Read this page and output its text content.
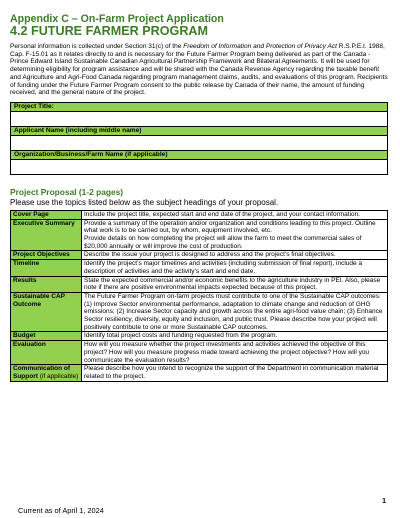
Appendix C – On-Farm Project Application
4.2 FUTURE FARMER PROGRAM
Personal information is collected under Section 31(c) of the Freedom of Information and Protection of Privacy Act R.S.P.E.I. 1988, Cap. F-15.01 as it relates directly to and is necessary for the Future Farmer Program being delivered as part of the Canada - Prince Edward Island Sustainable Canadian Agricultural Partnership Framework and Bilateral Agreements. It will be used for determining eligibility for program assistance and will be shared with the Canada Revenue Agency regarding the taxable benefit and Agriculture and Agri-Food Canada regarding program management claims, audits, and evaluations of this program. Recipients of funding under the Future Farmer Program consent to the public release by Canada of their name, the amount of funding received, and the general nature of the project.
Project Title:

Applicant Name (including middle name)

Organization/Business/Farm Name (if applicable)

Project Proposal (1-2 pages)
Please use the topics listed below as the subject headings of your proposal.
Cover Page	Include the project title, expected start and end date of the project, and your contact information.
Executive Summary	Provide a summary of the operation and/or organization and conditions leading to this project. Outline what work is to be carried out, by whom, equipment involved, etc.
Provide details on how completing the project will allow the farm to meet the commercial sales of $20,000 annually or will improve the cost of production.
Project Objectives	Describe the issue your project is designed to address and the project’s final objectives.
Timeline	Identify the project’s major timelines and activities (including submission of final report), include a description of activities and the activity’s start and end date.
Results	State the expected commercial and/or economic benefits to the agriculture industry in PEI. Also, please note if there are positive environmental impacts expected because of this project.
Sustainable CAP Outcome	The Future Farmer Program on-farm projects must contribute to one of the Sustainable CAP outcomes: (1) Improve Sector environmental performance, adaptation to climate change and reduction of GHG emissions; (2) Increase Sector capacity and growth across the entire agri-food value chain; (3) Enhance Sector resiliency, diversity, equity and inclusion, and public trust. Please describe how your project will positively contribute to one or more Sustainable CAP outcomes.
Budget	Identify total project costs and funding requested from the program.
Evaluation	How will you measure whether the project investments and activities achieved the objective of this project? How will you measure progress made toward achieving the project objective? How will you communicate the evaluation results?
Communication of Support (if applicable)	Please describe how you intend to recognize the support of the Department in communication material related to the project.
1
Current as of April 1, 2024
